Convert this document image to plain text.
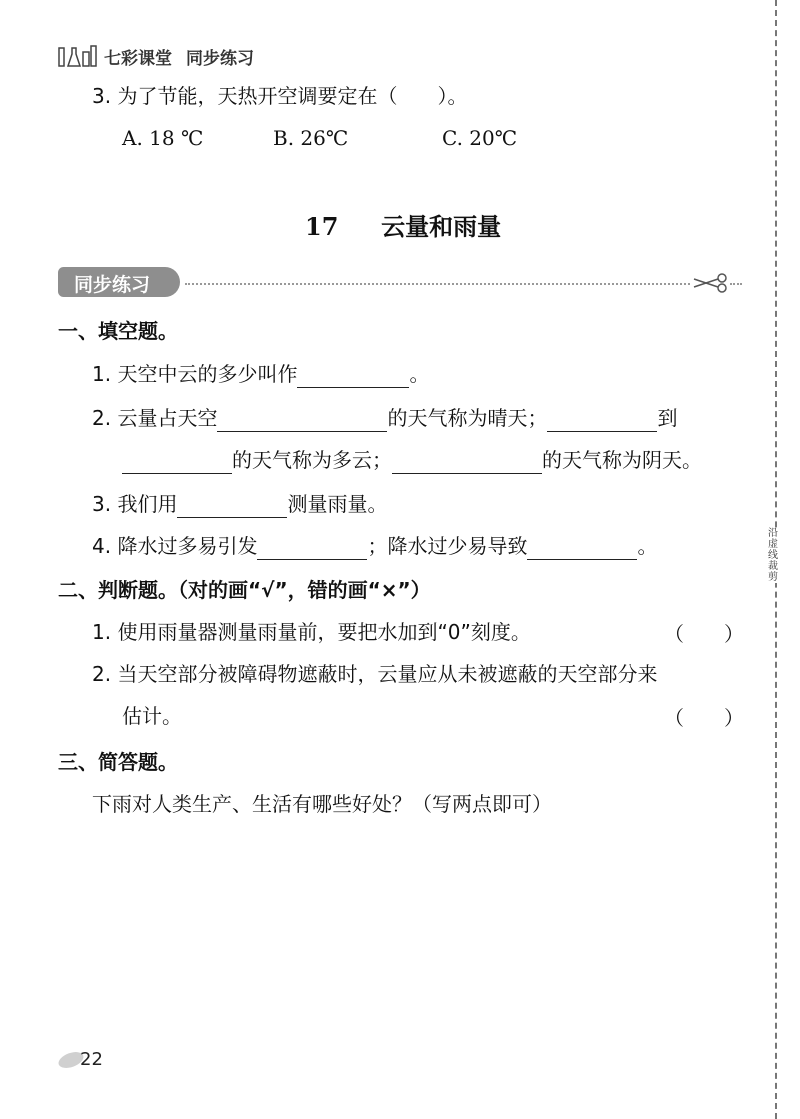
七彩课堂 同步练习
3. 为了节能，天热开空调要定在（　　）。
A. 18 ℃	B. 26℃	C. 20℃
17 云量和雨量
同步练习
一、填空题。
1. 天空中云的多少叫作	。
2. 云量占天空	的天气称为晴天；	到
的天气称为多云；	的天气称为阴天。
3. 我们用	测量雨量。
4. 降水过多易引发	；降水过少易导致	。
二、判断题。（对的画“√”，错的画“×”）
1. 使用雨量器测量雨量前，要把水加到“0”刻度。	（　　）
2. 当天空部分被障碍物遮蔽时，云量应从未被遮蔽的天空部分来
估计。	（　　）
三、简答题。
下雨对人类生产、生活有哪些好处？（写两点即可）
沿虚线裁剪
22
